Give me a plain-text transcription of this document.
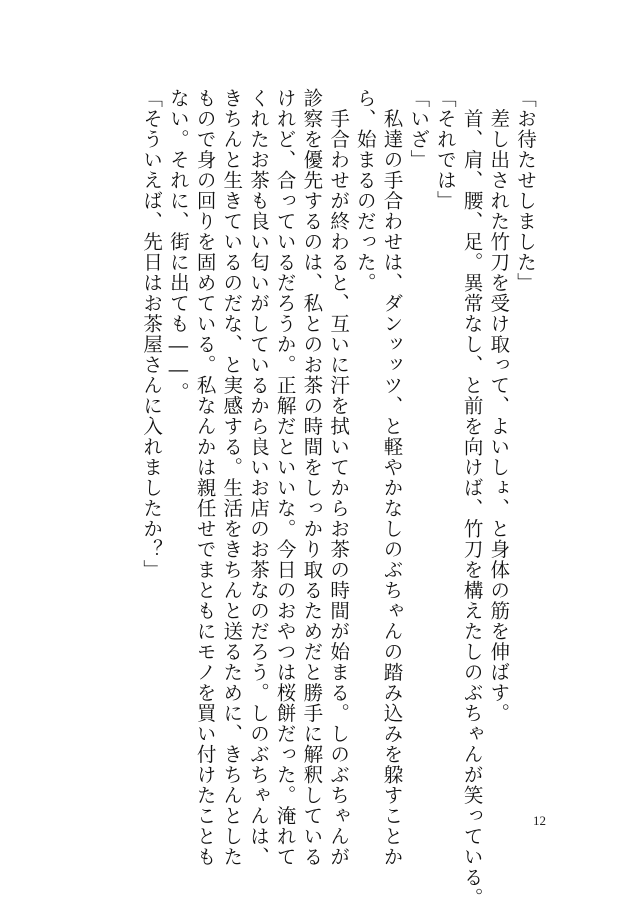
「お待たせしました」
　差し出された竹刀を受け取って、よいしょ、と身体の筋を伸ばす。
　首、肩、腰、足。異常なし、と前を向けば、竹刀を構えたしのぶちゃんが笑っている。
「それでは」
「いざ」
　私達の手合わせは、ダンッッツ、と軽やかなしのぶちゃんの踏み込みを躱すことか
ら、始まるのだった。
　手合わせが終わると、互いに汗を拭いてからお茶の時間が始まる。しのぶちゃんが
診察を優先するのは、私とのお茶の時間をしっかり取るためだと勝手に解釈している
けれど、合っているだろうか。正解だといいな。今日のおやつは桜餅だった。淹れて
くれたお茶も良い匂いがしているから良いお店のお茶なのだろう。しのぶちゃんは、
きちんと生きているのだな、と実感する。生活をきちんと送るために、きちんとした
もので身の回りを固めている。私なんかは親任せでまともにモノを買い付けたことも
ない。それに、街に出ても――。
「そういえば、先日はお茶屋さんに入れましたか？」
12
